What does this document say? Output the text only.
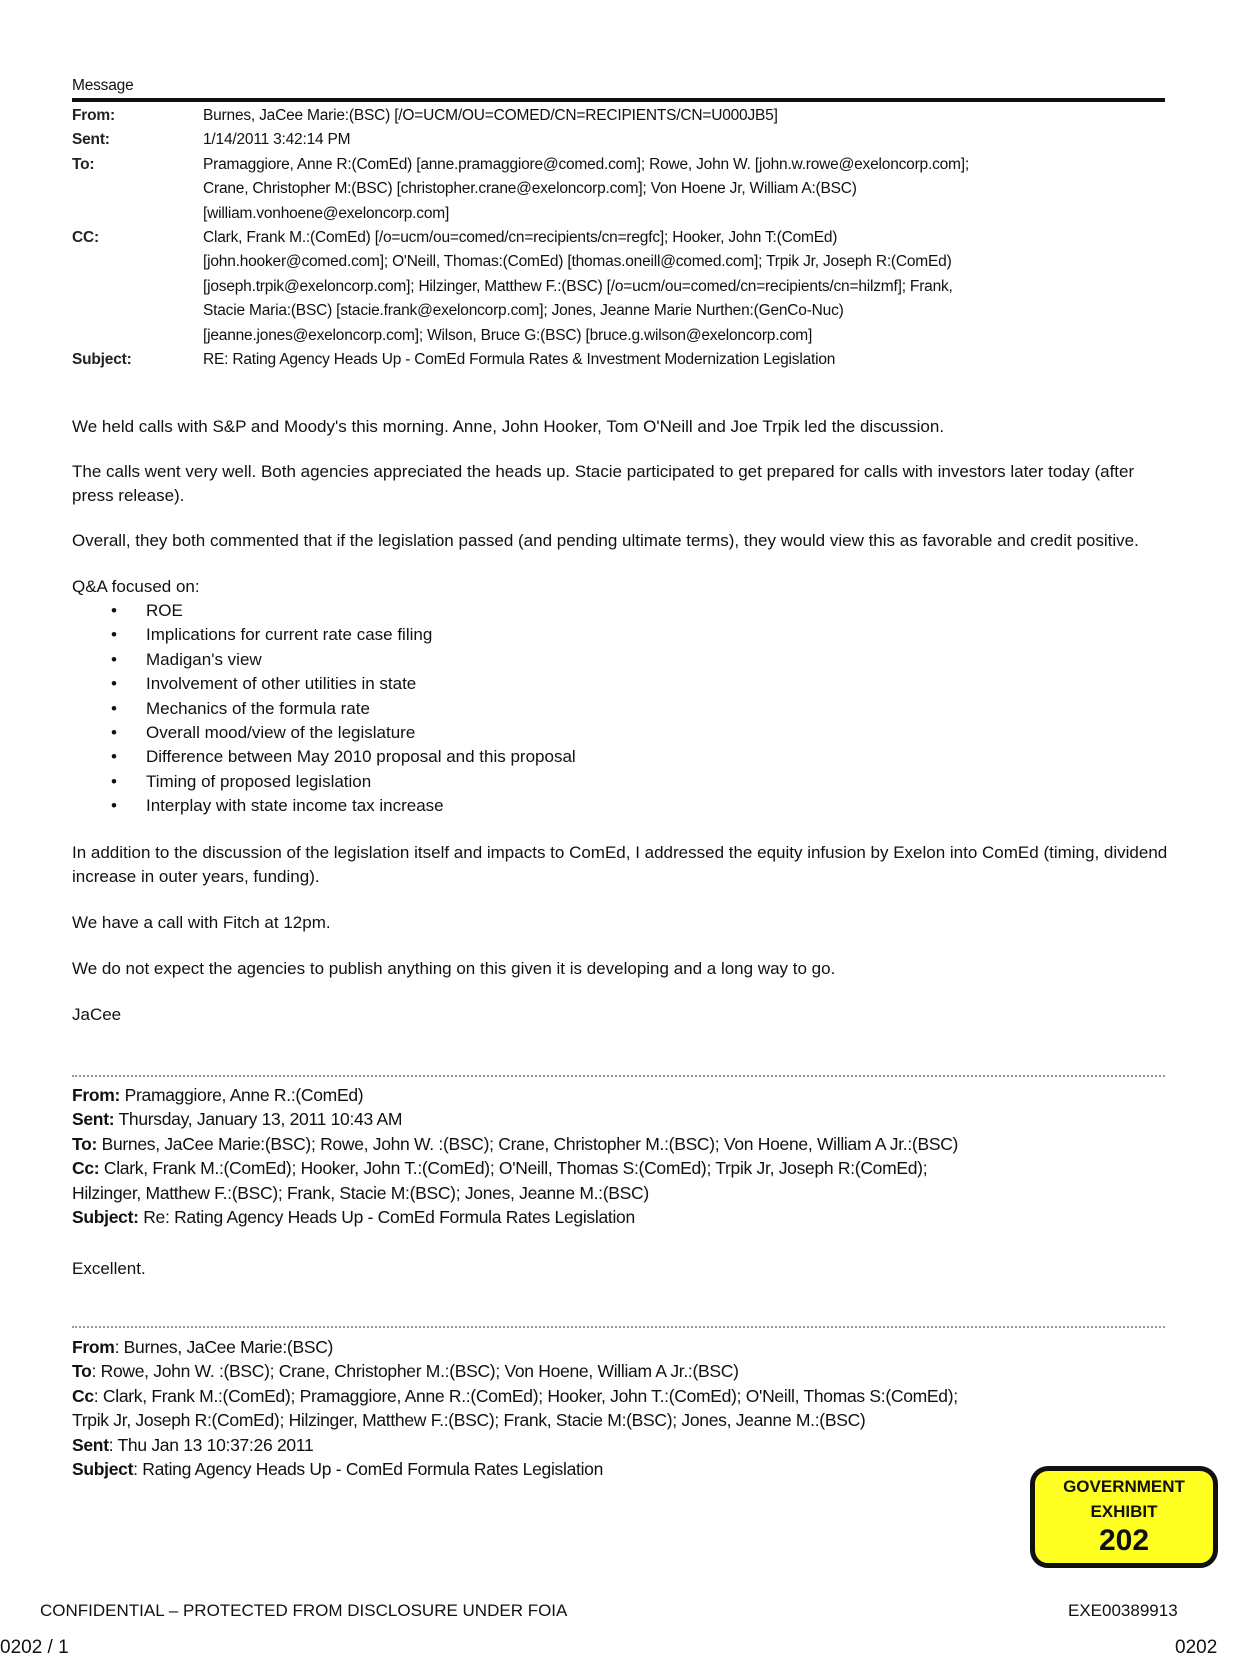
Message
From:	Burnes, JaCee Marie:(BSC) [/O=UCM/OU=COMED/CN=RECIPIENTS/CN=U000JB5]
Sent:	1/14/2011 3:42:14 PM
To:	Pramaggiore, Anne R:(ComEd) [anne.pramaggiore@comed.com]; Rowe, John W. [john.w.rowe@exeloncorp.com];
Crane, Christopher M:(BSC) [christopher.crane@exeloncorp.com]; Von Hoene Jr, William A:(BSC)
[william.vonhoene@exeloncorp.com]
CC:	Clark, Frank M.:(ComEd) [/o=ucm/ou=comed/cn=recipients/cn=regfc]; Hooker, John T:(ComEd)
[john.hooker@comed.com]; O'Neill, Thomas:(ComEd) [thomas.oneill@comed.com]; Trpik Jr, Joseph R:(ComEd)
[joseph.trpik@exeloncorp.com]; Hilzinger, Matthew F.:(BSC) [/o=ucm/ou=comed/cn=recipients/cn=hilzmf]; Frank,
Stacie Maria:(BSC) [stacie.frank@exeloncorp.com]; Jones, Jeanne Marie Nurthen:(GenCo-Nuc)
[jeanne.jones@exeloncorp.com]; Wilson, Bruce G:(BSC) [bruce.g.wilson@exeloncorp.com]
Subject:	RE: Rating Agency Heads Up - ComEd Formula Rates & Investment Modernization Legislation

We held calls with S&P and Moody's this morning. Anne, John Hooker, Tom O'Neill and Joe Trpik led the discussion.

The calls went very well. Both agencies appreciated the heads up. Stacie participated to get prepared for calls with investors later today (after press release).

Overall, they both commented that if the legislation passed (and pending ultimate terms), they would view this as favorable and credit positive.

Q&A focused on:

• ROE
• Implications for current rate case filing
• Madigan's view
• Involvement of other utilities in state
• Mechanics of the formula rate
• Overall mood/view of the legislature
• Difference between May 2010 proposal and this proposal
• Timing of proposed legislation
• Interplay with state income tax increase

In addition to the discussion of the legislation itself and impacts to ComEd, I addressed the equity infusion by Exelon into ComEd (timing, dividend increase in outer years, funding).

We have a call with Fitch at 12pm.

We do not expect the agencies to publish anything on this given it is developing and a long way to go.

JaCee

From: Pramaggiore, Anne R.:(ComEd)
Sent: Thursday, January 13, 2011 10:43 AM
To: Burnes, JaCee Marie:(BSC); Rowe, John W. :(BSC); Crane, Christopher M.:(BSC); Von Hoene, William A Jr.:(BSC)
Cc: Clark, Frank M.:(ComEd); Hooker, John T.:(ComEd); O'Neill, Thomas S:(ComEd); Trpik Jr, Joseph R:(ComEd);
Hilzinger, Matthew F.:(BSC); Frank, Stacie M:(BSC); Jones, Jeanne M.:(BSC)
Subject: Re: Rating Agency Heads Up - ComEd Formula Rates Legislation
Excellent.
From: Burnes, JaCee Marie:(BSC)
To: Rowe, John W. :(BSC); Crane, Christopher M.:(BSC); Von Hoene, William A Jr.:(BSC)
Cc: Clark, Frank M.:(ComEd); Pramaggiore, Anne R.:(ComEd); Hooker, John T.:(ComEd); O'Neill, Thomas S:(ComEd);
Trpik Jr, Joseph R:(ComEd); Hilzinger, Matthew F.:(BSC); Frank, Stacie M:(BSC); Jones, Jeanne M.:(BSC)
Sent: Thu Jan 13 10:37:26 2011
Subject: Rating Agency Heads Up - ComEd Formula Rates Legislation
GOVERNMENT
EXHIBIT
202
CONFIDENTIAL – PROTECTED FROM DISCLOSURE UNDER FOIA	EXE00389913
0202 / 1	0202
